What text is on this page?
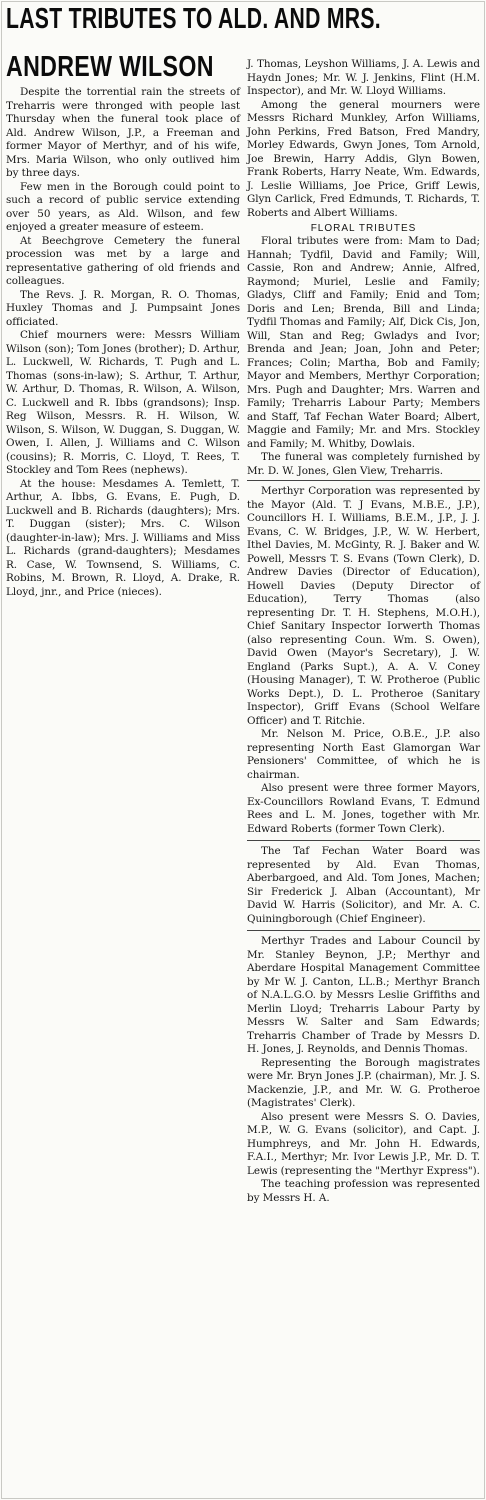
LAST TRIBUTES TO ALD. AND MRS.
ANDREW WILSON

Despite the torrential rain the streets of Treharris were thronged with people last Thursday when the funeral took place of Ald. Andrew Wilson, J.P., a Freeman and former Mayor of Merthyr, and of his wife, Mrs. Maria Wilson, who only outlived him by three days.

Few men in the Borough could point to such a record of public service extending over 50 years, as Ald. Wilson, and few enjoyed a greater measure of esteem.

At Beechgrove Cemetery the funeral procession was met by a large and representative gathering of old friends and colleagues.

The Revs. J. R. Morgan, R. O. Thomas, Huxley Thomas and J. Pumpsaint Jones officiated.

Chief mourners were: Messrs William Wilson (son); Tom Jones (brother); D. Arthur, L. Luckwell, W. Richards, T. Pugh and L. Thomas (sons-in-law); S. Arthur, T. Arthur, W. Arthur, D. Thomas, R. Wilson, A. Wilson, C. Luckwell and R. Ibbs (grandsons); Insp. Reg Wilson, Messrs. R. H. Wilson, W. Wilson, S. Wilson, W. Duggan, S. Duggan, W. Owen, I. Allen, J. Williams and C. Wilson (cousins); R. Morris, C. Lloyd, T. Rees, T. Stockley and Tom Rees (nephews).

At the house: Mesdames A. Temlett, T. Arthur, A. Ibbs, G. Evans, E. Pugh, D. Luckwell and B. Richards (daughters); Mrs. T. Duggan (sister); Mrs. C. Wilson (daughter-in-law); Mrs. J. Williams and Miss L. Richards (grand-daughters); Mesdames R. Case, W. Townsend, S. Williams, C. Robins, M. Brown, R. Lloyd, A. Drake, R. Lloyd, jnr., and Price (nieces).

J. Thomas, Leyshon Williams, J. A. Lewis and Haydn Jones; Mr. W. J. Jenkins, Flint (H.M. Inspector), and Mr. W. Lloyd Williams.

Among the general mourners were Messrs Richard Munkley, Arfon Williams, John Perkins, Fred Batson, Fred Mandry, Morley Edwards, Gwyn Jones, Tom Arnold, Joe Brewin, Harry Addis, Glyn Bowen, Frank Roberts, Harry Neate, Wm. Edwards, J. Leslie Williams, Joe Price, Griff Lewis, Glyn Carlick, Fred Edmunds, T. Richards, T. Roberts and Albert Williams.

FLORAL TRIBUTES

Floral tributes were from: Mam to Dad; Hannah; Tydfil, David and Family; Will, Cassie, Ron and Andrew; Annie, Alfred, Raymond; Muriel, Leslie and Family; Gladys, Cliff and Family; Enid and Tom; Doris and Len; Brenda, Bill and Linda; Tydfil Thomas and Family; Alf, Dick Cis, Jon, Will, Stan and Reg; Gwladys and Ivor; Brenda and Jean; Joan, John and Peter; Frances; Colin; Martha, Bob and Family; Mayor and Members, Merthyr Corporation; Mrs. Pugh and Daughter; Mrs. Warren and Family; Treharris Labour Party; Members and Staff, Taf Fechan Water Board; Albert, Maggie and Family; Mr. and Mrs. Stockley and Family; M. Whitby, Dowlais.

The funeral was completely furnished by Mr. D. W. Jones, Glen View, Treharris.

Merthyr Corporation was represented by the Mayor (Ald. T. J Evans, M.B.E., J.P.), Councillors H. I. Williams, B.E.M., J.P., J. J. Evans, C. W. Bridges, J.P., W. W. Herbert, Ithel Davies, M. McGinty, R. J. Baker and W. Powell, Messrs T. S. Evans (Town Clerk), D. Andrew Davies (Director of Education), Howell Davies (Deputy Director of Education), Terry Thomas (also representing Dr. T. H. Stephens, M.O.H.), Chief Sanitary Inspector Iorwerth Thomas (also representing Coun. Wm. S. Owen), David Owen (Mayor's Secretary), J. W. England (Parks Supt.), A. A. V. Coney (Housing Manager), T. W. Protheroe (Public Works Dept.), D. L. Protheroe (Sanitary Inspector), Griff Evans (School Welfare Officer) and T. Ritchie.

Mr. Nelson M. Price, O.B.E., J.P. also representing North East Glamorgan War Pensioners' Committee, of which he is chairman.

Also present were three former Mayors, Ex-Councillors Rowland Evans, T. Edmund Rees and L. M. Jones, together with Mr. Edward Roberts (former Town Clerk).

The Taf Fechan Water Board was represented by Ald. Evan Thomas, Aberbargoed, and Ald. Tom Jones, Machen; Sir Frederick J. Alban (Accountant), Mr David W. Harris (Solicitor), and Mr. A. C. Quiningborough (Chief Engineer).

Merthyr Trades and Labour Council by Mr. Stanley Beynon, J.P.; Merthyr and Aberdare Hospital Management Committee by Mr W. J. Canton, LL.B.; Merthyr Branch of N.A.L.G.O. by Messrs Leslie Griffiths and Merlin Lloyd; Treharris Labour Party by Messrs W. Salter and Sam Edwards; Treharris Chamber of Trade by Messrs D. H. Jones, J. Reynolds, and Dennis Thomas.

Representing the Borough magistrates were Mr. Bryn Jones J.P. (chairman), Mr. J. S. Mackenzie, J.P., and Mr. W. G. Protheroe (Magistrates' Clerk).

Also present were Messrs S. O. Davies, M.P., W. G. Evans (solicitor), and Capt. J. Humphreys, and Mr. John H. Edwards, F.A.I., Merthyr; Mr. Ivor Lewis J.P., Mr. D. T. Lewis (representing the "Merthyr Express").

The teaching profession was represented by Messrs H. A.
